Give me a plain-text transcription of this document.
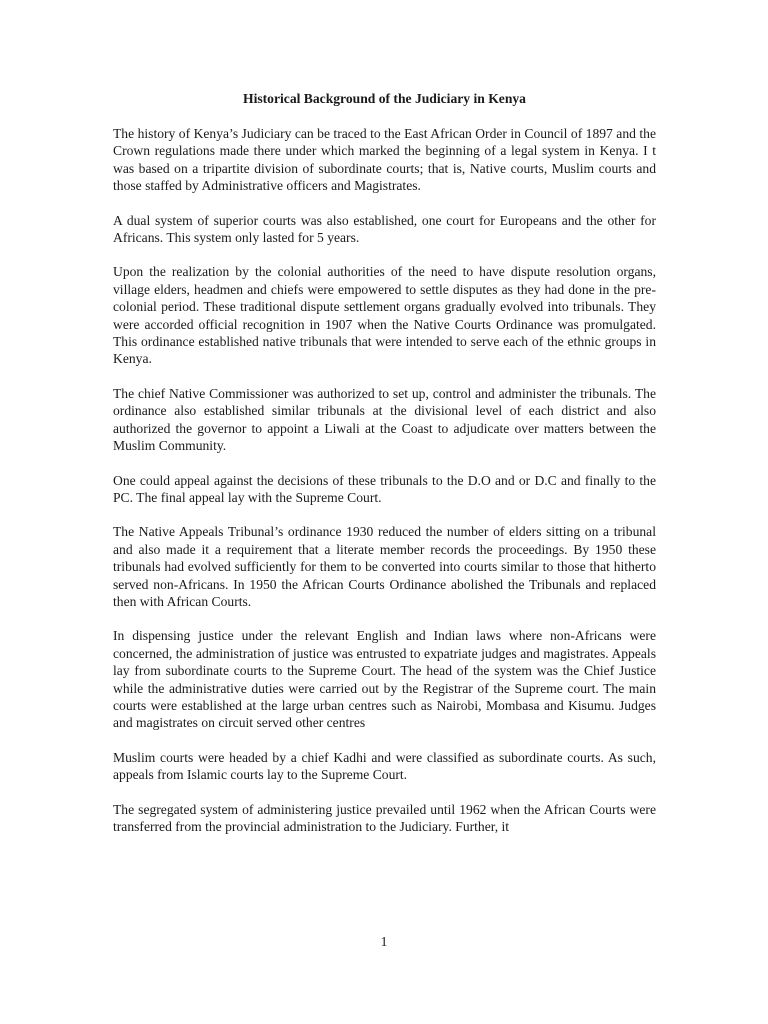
Historical Background of the Judiciary in Kenya

The history of Kenya’s Judiciary can be traced to the East African Order in Council of 1897 and the Crown regulations made there under which marked the beginning of a legal system in Kenya. I t was based on a tripartite division of subordinate courts; that is, Native courts, Muslim courts and those staffed by Administrative officers and Magistrates.

A dual system of superior courts was also established, one court for Europeans and the other for Africans. This system only lasted for 5 years.

Upon the realization by the colonial authorities of the need to have dispute resolution organs, village elders, headmen and chiefs were empowered to settle disputes as they had done in the pre-colonial period. These traditional dispute settlement organs gradually evolved into tribunals. They were accorded official recognition in 1907 when the Native Courts Ordinance was promulgated. This ordinance established native tribunals that were intended to serve each of the ethnic groups in Kenya.

The chief Native Commissioner was authorized to set up, control and administer the tribunals. The ordinance also established similar tribunals at the divisional level of each district and also authorized the governor to appoint a Liwali at the Coast to adjudicate over matters between the Muslim Community.

One could appeal against the decisions of these tribunals to the D.O and or D.C and finally to the PC. The final appeal lay with the Supreme Court.

The Native Appeals Tribunal’s ordinance 1930 reduced the number of elders sitting on a tribunal and also made it a requirement that a literate member records the proceedings. By 1950 these tribunals had evolved sufficiently for them to be converted into courts similar to those that hitherto served non-Africans. In 1950 the African Courts Ordinance abolished the Tribunals and replaced then with African Courts.

In dispensing justice under the relevant English and Indian laws where non-Africans were concerned, the administration of justice was entrusted to expatriate judges and magistrates. Appeals lay from subordinate courts to the Supreme Court. The head of the system was the Chief Justice while the administrative duties were carried out by the Registrar of the Supreme court. The main courts were established at the large urban centres such as Nairobi, Mombasa and Kisumu. Judges and magistrates on circuit served other centres

Muslim courts were headed by a chief Kadhi and were classified as subordinate courts. As such, appeals from Islamic courts lay to the Supreme Court.

The segregated system of administering justice prevailed until 1962 when the African Courts were transferred from the provincial administration to the Judiciary. Further, it

1
